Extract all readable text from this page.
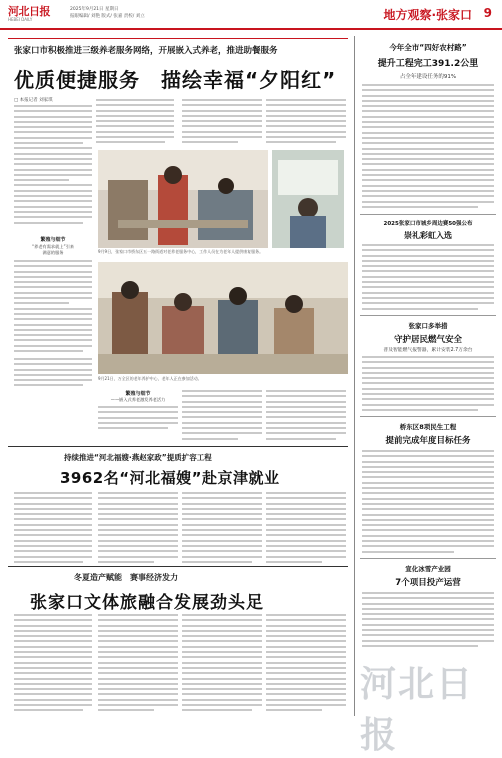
河北日报
HEBEI DAILY
2025年9月21日 星期日
报眼编辑/ 刘艳 版式/ 张嘉 责校/ 刘立	地方观察·张家口 9
张家口市积极推进三级养老服务网络，开展嵌入式养老，推进助餐服务
优质便捷服务　描绘幸福“夕阳红”
□ 本报记者 刘家琪
繁殖与细节
“养老有需求就上”引来
满意的服务	9月9日，张家口市桥东区五一路街道对老养老服务中心，工作人员在为老年人提供康复服务。
9月21日，万全区的老年养护中心，老年人正在参加活动。
繁殖与细节
——嵌入式养老激发养老活力
持续推进“河北福嫂·燕赵家政”提质扩容工程
3962名“河北福嫂”赴京津就业
冬夏造产赋能　赛事经济发力
张家口文体旅融合发展劲头足
今年全市“四好农村路”
提升工程完工391.2公里
占全年建设任务的91%
2025张家口市城乡周边赛50强公布
崇礼彩虹入选
张家口多举措
守护居民燃气安全
普及智能燃气报警器，累计安装2.7万余台
桥东区8项民生工程
提前完成年度目标任务
宣化冰雪产业园
7个项目投产运营
河北日报
